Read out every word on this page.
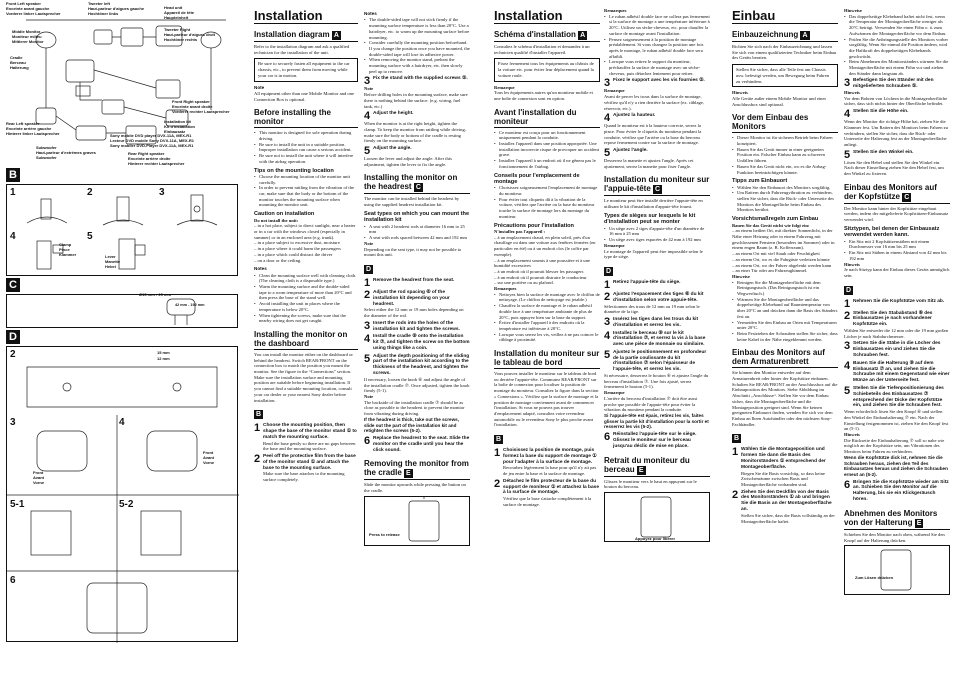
Front Left speaker
Enceinte avant gauche
Vorderer linker Lautsprecher
Tweeter left
Haut-parleur d'aigues gauche
Hochtöner links
Head unit
Appareil de tête
Haupteinheit
Tweeter Right
Haut-parleur d'aigues droit
Hochtöner rechts
Middle Monitor
Moniteur milieu
Mittlerer Monitor
Cradle
Berceau
Halterung
Front Right speaker
Enceinte avant droite
Vorderer rechter Lautsprecher
Installation kit
Kit d'installation
Einbausatz
Sony mobile DVD player DVX-11A, MEX-R1
Lecteur DVD mobile Sony DVX-11A, MEX-R1
Sony mobiler DVD-Player DVX-11A, MEX-R1
Rear Left speaker
Enceinte arrière gauche
Hinterer linker Lautsprecher
Subwoofer
Haut-parleur d'extrêmes graves
Subwoofer
Rear Right speaker
Enceinte arrière droite
Hinterer rechter Lautsprecher
B
1	2	3
4	5
Clamp
Pince
Klammer	Lever
Manette
Hebel
C
Ø15 mm - 25 mm
42 mm - 192 mm
D
2
3	4
5-1	5-2
6
15 mm
12 mm
Front
Avant
Vorne
Front
Avant
Vorne
Installation
Installation diagram A
Refer to the installation diagram and ask a qualified technician for the installation of the unit.
Be sure to securely fasten all equipment to the car chassis, etc., to prevent them from moving while your car is in motion.
Note
All equipment other than one Mobile Monitor and one Connection Box is optional.
Before installing the monitor
• This monitor is designed for sole operation during driving.
• Be sure to install the unit in a suitable position. Improper installation can cause a serious accident.
• Be sure not to install the unit where it will interfere with the airbag operation.
Tips on the mounting location
• Choose the mounting location of the monitor unit carefully.
• In order to prevent rattling from the vibration of the car, make sure that the body or the bottom of the monitor touches the mounting surface when mounting the monitor unit.
Caution on installation
Do not install the unit:
– in a hot place, subject to direct sunlight, near a heater or in a car with the windows closed (especially in summer) or in an enclosed area (e.g. trunk).
– in a place subject to excessive dust, moisture
– in a place where it could harm the passengers
– in a place which could distract the driver
– on a door or the ceiling.
Notes
• Clean the mounting surface well with cleaning cloth. (The cleaning cloth is a disposable type.)
• Warm the mounting surface and the double-sided tape to a room temperature of more than 20°C and then press the base of the stand well.
• Avoid installing the unit in places where the temperature is below 20°C.
• When tightening the screws, make sure that the nearby wiring does not get caught.
Installing the monitor on the dashboard
You can install the monitor either on the dashboard or behind the headrest. Switch REAR/FRONT on the connection box to match the position you mount the monitor. See the figure in the “Connections” section. Make sure the installation surface and mounting position are suitable before beginning installation. If you cannot find a suitable mounting location, consult your car dealer or your nearest Sony dealer before installation.
B
1 Choose the mounting position, then shape the base of the monitor stand ① to match the mounting surface.
Bend the base gently so there are no gaps between the base and the mounting surface.
2 Peel off the protective film from the base of the monitor stand ① and attach the base to the mounting surface.
Make sure the base attaches to the mounting surface completely.
Notes
• The double-sided tape will not stick firmly if the mounting surface temperature is less than 20°C. Use a hairdryer, etc. to warm up the mounting surface before mounting.
• Consider carefully the mounting position beforehand. If you change the position once you have mounted, the double-sided tape will lose its adhesive power.
• When removing the monitor stand, preheat the mounting surface with a hairdryer, etc. then slowly peel up to remove.
3 Fix the stand with the supplied screws ⑤.
Note
Before drilling holes in the mounting surface, make sure there is nothing behind the surface. (e.g. wiring, fuel tank, etc.)
4 Adjust the height.
When the monitor is at the right height, tighten the clamp. To keep the monitor from rattling while driving, make sure the body or bottom of the cradle is resting firmly on the mounting surface.
5 Adjust the angle.
Loosen the lever and adjust the angle. After this adjustment, tighten the lever to fix the angle.
Installing the monitor on the headrest C
The monitor can be installed behind the headrest by using the supplied headrest installation kit.
Seat types on which you can mount the installation kit
• A seat with 2 headrest rods at diameter 16 mm to 25 mm
• A seat with rods spaced between 42 mm and 192 mm
Note
Depending on the seat type, it may not be possible to mount this unit.
D
1 Remove the headrest from the seat.
2 Adjust the rod spacing ⑥ of the installation kit depending on your headrest.
Select either the 12 mm or 19 mm holes depending on the diameter of the rod.
3 Insert the rods into the holes of the installation kit and tighten the screws.
4 Install the cradle ⑨ onto the installation kit ⑦, and tighten the screw on the bottom using things like a coin.
5 Adjust the depth positioning of the sliding part of the installation kit according to the thickness of the headrest, and tighten the screws.
If necessary, loosen the knob ⑥ and adjust the angle of the installation cradle ⑦. Once adjusted, tighten the knob firmly (5-1).
Note
The backside of the installation cradle ⑦ should be as close as possible to the headrest to prevent the monitor from vibrating during driving.
If the headrest is thick, take out the screws, slide out the part of the installation kit and retighten the screws (5-2).
6 Replace the headrest to the seat. Slide the monitor on the cradle until you hear the click sound.
Removing the monitor from the cradle E
Slide the monitor upwards while pressing the button on the cradle.
Press to release
Installation
Schéma d'installation A
Consultez le schéma d'installation et demandez à un technicien qualifié d'installer l'appareil.
Fixez fermement tous les équipements au châssis de la voiture etc. pour éviter leur déplacement quand la voiture roule.
Remarque
Tous les équipements autres qu'un moniteur mobile et une boîte de connexion sont en option.
Avant l'installation du moniteur
• Ce moniteur est conçu pour un fonctionnement uniquement pendant la conduite.
• Installez l'appareil dans une position appropriée. Une installation incorrecte risque de provoquer un accident grave.
• Installez l'appareil à un endroit où il ne gênera pas le fonctionnement de l'airbag.
Conseils pour l'emplacement de montage
• Choisissez soigneusement l'emplacement de montage du moniteur.
• Pour éviter tout cliquetis dû à la vibration de la voiture, vérifiez que l'arrière ou la base du moniteur touche la surface de montage lors du montage du moniteur.
Précautions pour l'installation
N'installez pas l'appareil :
– à un emplacement chaud, en plein soleil, près d'un chauffage ou dans une voiture aux fenêtres fermées (en particulier en été) ou à un endroit clos (le coffre par exemple).
– à un emplacement soumis à une poussière et à une humidité excessives
– à un endroit où il pourrait blesser les passagers
– à un endroit où il pourrait distraire le conducteur
– sur une portière ou au plafond.
Remarques
• Nettoyez bien la surface de montage avec le chiffon de nettoyage. (Le chiffon de nettoyage est jetable.)
• Chauffez la surface de montage et le ruban adhésif double face à une température ambiante de plus de 20°C, puis appuyez bien sur la base du support.
• Évitez d'installer l'appareil à des endroits où la température est inférieure à 20°C.
• Lorsque vous serrez les vis, veillez à ne pas coincer le câblage à proximité.
Installation du moniteur sur le tableau de bord
Vous pouvez installer le moniteur sur le tableau de bord ou derrière l'appuie-tête. Commutez REAR/FRONT sur la boîte de connexion pour localiser la position de montage du moniteur. Consultez la figure dans la section « Connexions ». Vérifiez que la surface de montage et la position de montage conviennent avant de commencer l'installation. Si vous ne pouvez pas trouver d'emplacement adapté, consultez votre revendeur automobile ou le revendeur Sony le plus proche avant l'installation.
B
1 Choisissez la position de montage, puis formez la base du support de montage ① pour l'adapter à la surface de montage.
Recourbez légèrement la base pour qu'il n'y ait pas de jeu entre la base et la surface de montage.
2 Détachez le film protecteur de la base du support de moniteur ① et attachez la base à la surface de montage.
Vérifiez que la base s'attache complètement à la surface de montage.
Remarques
• Le ruban adhésif double face ne collera pas fermement si la surface de montage a une température inférieure à 20°C. Utilisez un sèche-cheveux, etc. pour chauffer la surface de montage avant l'installation.
• Pensez soigneusement à la position de montage préalablement. Si vous changez la position une fois après le montage, le ruban adhésif double face sera affaibli.
• Lorsque vous retirez le support du moniteur, préchauffez la surface de montage avec un sèche-cheveux, puis détachez lentement pour retirer.
3 Fixez le support avec les vis fournies ⑤.
Remarque
Avant de percer les trous dans la surface de montage, vérifiez qu'il n'y a rien derrière la surface (ex. câblage, réservoir, etc.).
4 Ajustez la hauteur.
Quand le moniteur est à la hauteur correcte, serrez la pince. Pour éviter le cliquetis du moniteur pendant la conduite, vérifiez que l'arrière ou la base du berceau repose fermement contre sur la surface de montage.
5 Ajustez l'angle.
Desserrez la manette et ajustez l'angle. Après cet ajustement, serrez la manette pour fixer l'angle.
Installation du moniteur sur l'appuie-tête C
Le moniteur peut être installé derrière l'appuie-tête en utilisant le kit d'installation d'appuie-tête fourni.
Types de sièges sur lesquels le kit d'installation peut se monter
• Un siège avec 2 tiges d'appuie-tête d'un diamètre de 16 mm à 25 mm
• Un siège avec tiges espacées de 42 mm à 192 mm
Remarque
Le montage de l'appareil peut être impossible selon le type de siège.
D
1 Retirez l'appuie-tête du siège.
2 Ajustez l'espacement des tiges ⑥ du kit d'installation selon votre appuie-tête.
Sélectionnez des trous de 12 mm ou 19 mm selon le diamètre de la tige.
3 Insérez les tiges dans les trous du kit d'installation et serrez les vis.
4 Installez le berceau ⑨ sur le kit d'installation ⑦, et serrez la vis à la base avec une pièce de monnaie ou similaire.
5 Ajustez le positionnement en profondeur de la partie coulissante du kit d'installation ⑦ selon l'épaisseur de l'appuie-tête, et serrez les vis.
Si nécessaire, desserrez le bouton ⑥ et ajustez l'angle du berceau d'installation ⑦. Une fois ajusté, serrez fermement le bouton (5-1).
Remarque
L'arrière du berceau d'installation ⑦ doit être aussi proche que possible de l'appuie-tête pour éviter la vibration du moniteur pendant la conduite.
Si l'appuie-tête est épais, retirez les vis, faites glisser la partie kit d'installation pour la sortir et resserrez les vis (5-2).
6 Réinstallez l'appuie-tête sur le siège. Glissez le moniteur sur le berceau jusqu'au déclic de mise en place.
Retrait du moniteur du berceau E
Glissez le moniteur vers le haut en appuyant sur le bouton du berceau.
Appuyez pour libérer
Einbau
Einbauzeichnung A
Richten Sie sich nach der Einbauzeichnung und lassen Sie sich von einem qualifizierten Techniker beim Einbau des Geräts beraten.
Stellen Sie sicher, dass alle Teile fest am Chassis usw. befestigt werden, um Bewegung beim Fahren zu verhindern.
Hinweis
Alle Geräte außer einem Mobile Monitor und einer Anschlussbox sind optional.
Vor dem Einbau des Monitors
• Dieser Monitor ist für sicheren Betrieb beim Fahren konzipiert.
• Bauen Sie das Gerät immer in einer geeigneten Position ein. Falscher Einbau kann zu schweren Unfällen führen.
• Bauen Sie das Gerät nicht ein, wo es die Airbag-Funktion beeinträchtigen könnte.
Tipps zum Einbauort
• Wählen Sie den Einbauort des Monitors sorgfältig.
• Um Rattern durch Fahrzeugvibration zu verhindern, stellen Sie sicher, dass die Rück- oder Unterseite des Monitors die Montagefläche beim Einbau des Monitors berührt.
Vorsichtsmaßregeln zum Einbau
Bauen Sie das Gerät nicht wie folgt ein:
– an einem heißen Ort, mit direkter Sonnenlicht, in der Nähe einer Heizung oder in einem Fahrzeug mit geschlossenen Fenstern (besonders im Sommer) oder in einem engen Raum (z. B. Kofferraum).
– an einem Ort mit viel Staub oder Feuchtigkeit
– an einem Ort, wo es die Fahrgäste verletzen könnte
– an einem Ort, wo der Fahrer abgelenkt werden kann
– an einer Tür oder am Fahrzeughimmel.
Hinweise
• Reinigen Sie die Montageoberfläche mit dem Reinigungstuch. (Das Reinigungstuch ist ein Wegwerftuch.)
• Wärmen Sie die Montageoberfläche und das doppelseitige Klebeband auf Raumtemperatur von über 20°C an und drücken dann die Basis des Ständers fest an.
• Vermeiden Sie den Einbau an Orten mit Temperaturen unter 20°C.
• Beim Festziehen der Schrauben stellen Sie sicher, dass keine Kabel in der Nähe eingeklemmt werden.
Einbau des Monitors auf dem Armaturenbrett
Sie können den Monitor entweder auf dem Armaturenbrett oder hinter der Kopfstütze einbauen. Schalten Sie REAR/FRONT an der Anschlussbox auf die Einbauposition des Monitors. Siehe Abbildung im Abschnitt „Anschlüsse“. Stellen Sie vor dem Einbau sicher, dass die Montageoberfläche und die Montageposition geeignet sind. Wenn Sie keinen geeigneten Einbauort finden, wenden Sie sich vor dem Einbau an Ihren Autohändler oder den nächsten Sony-Fachhändler.
B
1 Wählen Sie die Montageposition und formen Sie dann die Basis des Monitorständers ① entsprechend der Montageoberfläche.
Biegen Sie die Basis vorsichtig, so dass keine Zwischenräume zwischen Basis und Montageoberfläche vorhanden sind.
2 Ziehen Sie den Deckfilm von der Basis des Monitorständers ① ab und bringen Sie die Basis an der Montageoberfläche an.
Stellen Sie sicher, dass die Basis vollständig an der Montageoberfläche haftet.
Hinweise
• Das doppelseitige Klebeband haftet nicht fest, wenn die Temperatur der Montageoberfläche weniger als 20°C beträgt. Verwenden Sie einen Föhn o. ä. zum Aufwärmen der Montageoberfläche vor dem Einbau.
• Prüfen Sie die Anbringungsstelle des Monitors vorher sorgfältig. Wenn Sie einmal die Position ändern, wird die Haftkraft des doppelseitigen Klebebands geschwächt.
• Beim Abnehmen des Monitorständers wärmen Sie die Montageoberfläche mit einem Föhn vor und ziehen den Ständer dann langsam ab.
3 Befestigen Sie den Ständer mit den mitgelieferten Schrauben ⑤.
Hinweis
Vor dem Bohren von Löchern in die Montageoberfläche sicher, dass sich nichts hinter der Oberfläche befindet.
4 Stellen Sie die Höhe ein.
Wenn der Monitor die richtige Höhe hat, ziehen Sie die Klammer fest. Um Rattern des Monitors beim Fahren zu verhindern, stellen Sie sicher, dass die Rück- oder Unterseite der Halterung fest an der Montageoberfläche anliegt.
5 Stellen Sie den Winkel ein.
Lösen Sie den Hebel und stellen Sie den Winkel ein. Nach dieser Einstellung ziehen Sie den Hebel fest, um den Winkel zu fixieren.
Einbau des Monitors auf der Kopfstütze C
Der Monitor kann hinter der Kopfstütze eingebaut werden, indem der mitgelieferte Kopfstützen-Einbausatz verwendet wird.
Sitztypen, bei denen der Einbausatz verwendet werden kann.
• Ein Sitz mit 2 Kopfstützenstäben mit einem Durchmesser von 16 mm bis 25 mm
• Ein Sitz mit Stäben in einem Abstand von 42 mm bis 192 mm
Hinweis
Je nach Sitztyp kann der Einbau dieses Geräts unmöglich sein.
D
1 Nehmen Sie die Kopfstütze vom Sitz ab.
2 Stellen Sie den Stababstand ⑥ des Einbausatzes je nach vorhandener Kopfstütze ein.
Wählen Sie entweder die 12 mm oder die 19 mm großen Löcher je nach Stabdurchmesser.
3 Setzen Sie die Stäbe in die Löcher des Einbausatzes ein und ziehen Sie die Schrauben fest.
4 Bauen Sie die Halterung ⑨ auf dem Einbausatz ⑦ an, und ziehen Sie die Schraube mit einem Gegenstand wie einer Münze an der Unterseite fest.
5 Stellen Sie die Tiefenpositionierung des Schiebeteils des Einbausatzes ⑦ entsprechend der Dicke der Kopfstütze ein, und ziehen Sie die Schrauben fest.
Wenn erforderlich lösen Sie den Knopf ⑥ und stellen den Winkel der Einbauhalterung ⑦ ein. Nach der Einstellung festgenommen ist, ziehen Sie den Knopf fest an (5-1).
Hinweis
Die Rückseite der Einbauhalterung ⑦ soll so nahe wie möglich an der Kopfstütze sein, um Vibrationen des Monitors beim Fahren zu verhindern.
Wenn die Kopfstütze dick ist, nehmen Sie die Schrauben heraus, ziehen den Teil des Einbausatzes heraus und ziehen die Schrauben erneut an (5-2).
6 Bringen Sie die Kopfstütze wieder am Sitz an. Schieben Sie den Monitor auf die Halterung, bis sie ein Klickgeräusch hören.
Abnehmen des Monitors von der Halterung E
Schieben Sie den Monitor nach oben, während Sie den Knopf auf der Halterung drücken.
Zum Lösen drücken
